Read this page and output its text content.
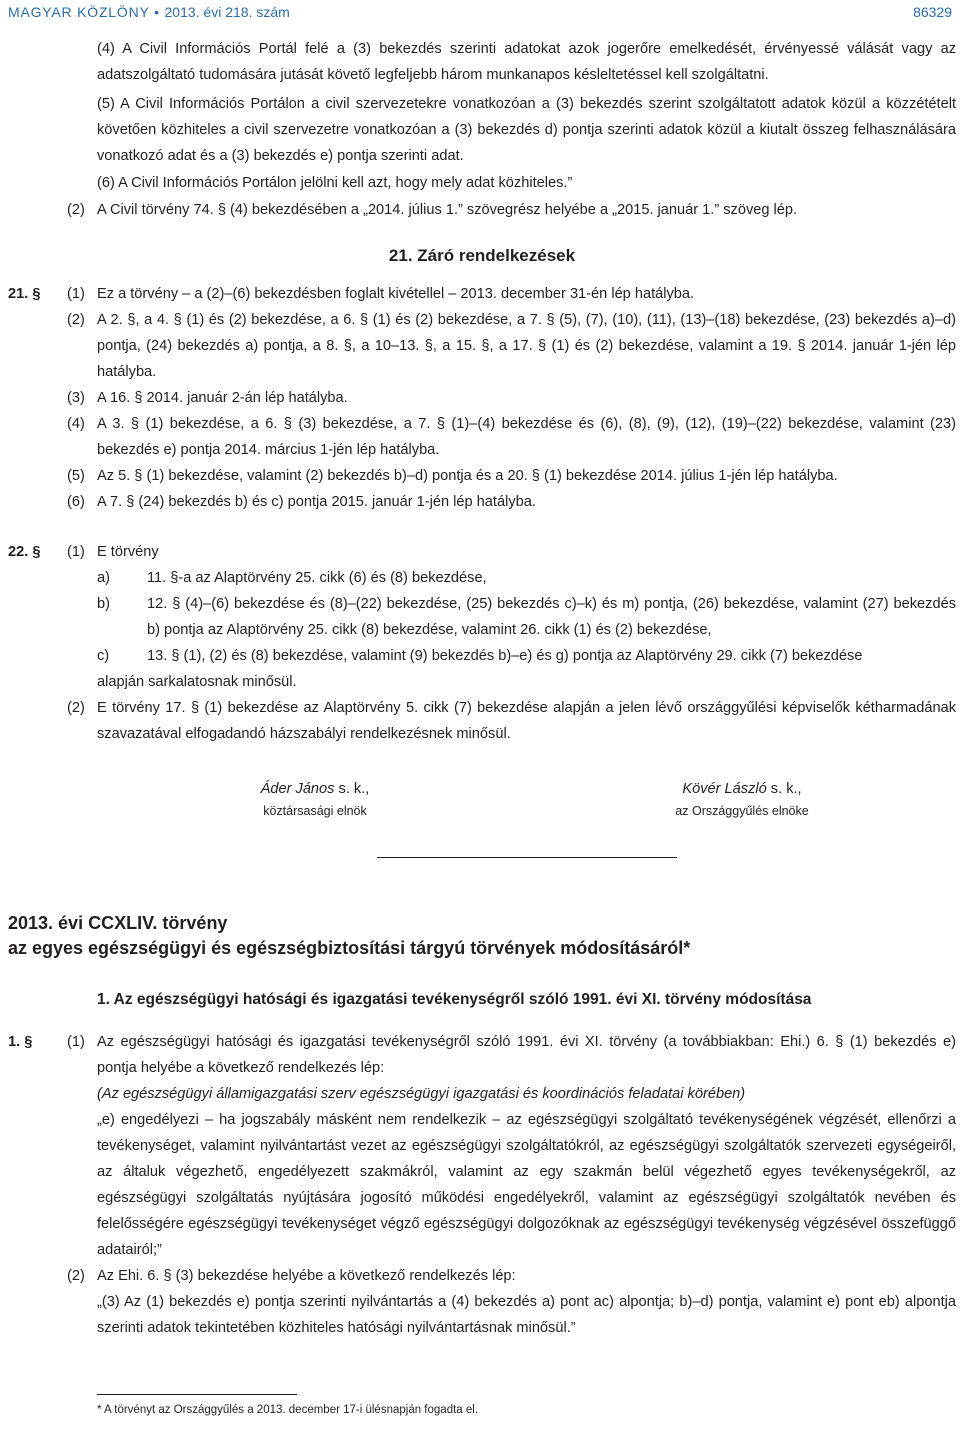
MAGYAR KÖZLÖNY • 2013. évi 218. szám	86329

(4) A Civil Információs Portál felé a (3) bekezdés szerinti adatokat azok jogerőre emelkedését, érvényessé válását vagy az adatszolgáltató tudomására jutását követő legfeljebb három munkanapos késleltetéssel kell szolgáltatni.

(5) A Civil Információs Portálon a civil szervezetekre vonatkozóan a (3) bekezdés szerint szolgáltatott adatok közül a közzétételt követően közhiteles a civil szervezetre vonatkozóan a (3) bekezdés d) pontja szerinti adatok közül a kiutalt összeg felhasználására vonatkozó adat és a (3) bekezdés e) pontja szerinti adat.

(6) A Civil Információs Portálon jelölni kell azt, hogy mely adat közhiteles.”

(2) A Civil törvény 74. § (4) bekezdésében a „2014. július 1.” szövegrész helyébe a „2015. január 1.” szöveg lép.

21. Záró rendelkezések
21. § (1) Ez a törvény – a (2)–(6) bekezdésben foglalt kivétellel – 2013. december 31-én lép hatályba.

(2) A 2. §, a 4. § (1) és (2) bekezdése, a 6. § (1) és (2) bekezdése, a 7. § (5), (7), (10), (11), (13)–(18) bekezdése, (23) bekezdés a)–d) pontja, (24) bekezdés a) pontja, a 8. §, a 10–13. §, a 15. §, a 17. § (1) és (2) bekezdése, valamint a 19. § 2014. január 1-jén lép hatályba.

(3) A 16. § 2014. január 2-án lép hatályba.

(4) A 3. § (1) bekezdése, a 6. § (3) bekezdése, a 7. § (1)–(4) bekezdése és (6), (8), (9), (12), (19)–(22) bekezdése, valamint (23) bekezdés e) pontja 2014. március 1-jén lép hatályba.

(5) Az 5. § (1) bekezdése, valamint (2) bekezdés b)–d) pontja és a 20. § (1) bekezdése 2014. július 1-jén lép hatályba.

(6) A 7. § (24) bekezdés b) és c) pontja 2015. január 1-jén lép hatályba.

22. § (1) E törvény

a)	11. §-a az Alaptörvény 25. cikk (6) és (8) bekezdése,

b)	12. § (4)–(6) bekezdése és (8)–(22) bekezdése, (25) bekezdés c)–k) és m) pontja, (26) bekezdése, valamint (27) bekezdés b) pontja az Alaptörvény 25. cikk (8) bekezdése, valamint 26. cikk (1) és (2) bekezdése,

c)	13. § (1), (2) és (8) bekezdése, valamint (9) bekezdés b)–e) és g) pontja az Alaptörvény 29. cikk (7) bekezdése

alapján sarkalatosnak minősül.

(2) E törvény 17. § (1) bekezdése az Alaptörvény 5. cikk (7) bekezdése alapján a jelen lévő országgyűlési képviselők kétharmadának szavazatával elfogadandó házszabályi rendelkezésnek minősül.

Áder János s. k.,
köztársasági elnök
Kövér László s. k.,
az Országgyűlés elnöke
2013. évi CCXLIV. törvény
az egyes egészségügyi és egészségbiztosítási tárgyú törvények módosításáról*
1. Az egészségügyi hatósági és igazgatási tevékenységről szóló 1991. évi XI. törvény módosítása
1. § (1) Az egészségügyi hatósági és igazgatási tevékenységről szóló 1991. évi XI. törvény (a továbbiakban: Ehi.) 6. § (1) bekezdés e) pontja helyébe a következő rendelkezés lép:

(Az egészségügyi államigazgatási szerv egészségügyi igazgatási és koordinációs feladatai körében)

„e) engedélyezi – ha jogszabály másként nem rendelkezik – az egészségügyi szolgáltató tevékenységének végzését, ellenőrzi a tevékenységet, valamint nyilvántartást vezet az egészségügyi szolgáltatókról, az egészségügyi szolgáltatók szervezeti egységeiről, az általuk végezhető, engedélyezett szakmákról, valamint az egy szakmán belül végezhető egyes tevékenységekről, az egészségügyi szolgáltatás nyújtására jogosító működési engedélyekről, valamint az egészségügyi szolgáltatók nevében és felelősségére egészségügyi tevékenységet végző egészségügyi dolgozóknak az egészségügyi tevékenység végzésével összefüggő adatairól;”

(2) Az Ehi. 6. § (3) bekezdése helyébe a következő rendelkezés lép:

„(3) Az (1) bekezdés e) pontja szerinti nyilvántartás a (4) bekezdés a) pont ac) alpontja; b)–d) pontja, valamint e) pont eb) alpontja szerinti adatok tekintetében közhiteles hatósági nyilvántartásnak minősül.”

* A törvényt az Országgyűlés a 2013. december 17-i ülésnapján fogadta el.
